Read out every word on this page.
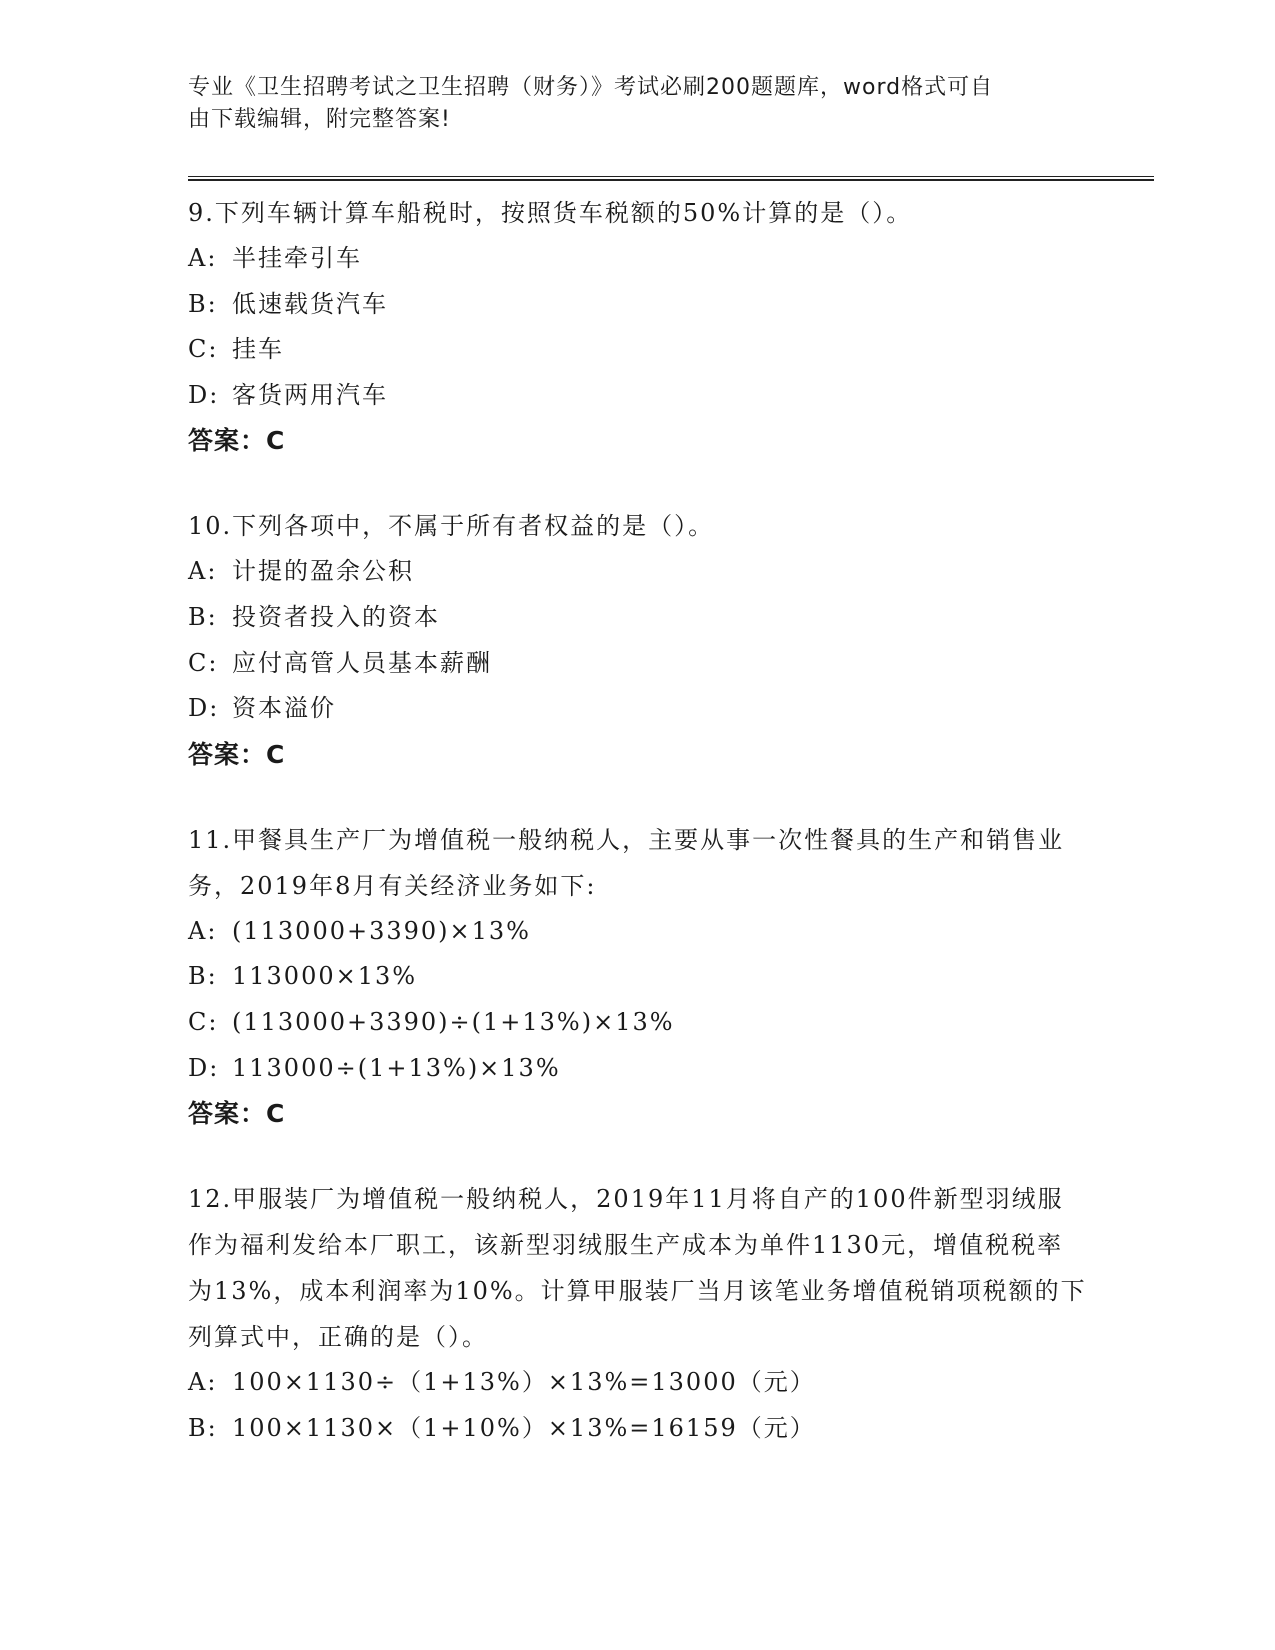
专业《卫生招聘考试之卫生招聘（财务）》考试必刷200题题库，word格式可自
由下载编辑，附完整答案!
9.下列车辆计算车船税时，按照货车税额的50%计算的是（）。
A: 半挂牵引车
B: 低速载货汽车
C: 挂车
D: 客货两用汽车
答案：C
10.下列各项中，不属于所有者权益的是（）。
A: 计提的盈余公积
B: 投资者投入的资本
C: 应付高管人员基本薪酬
D: 资本溢价
答案：C
11.甲餐具生产厂为增值税一般纳税人，主要从事一次性餐具的生产和销售业务，2019年8月有关经济业务如下:
A: (113000+3390)×13%
B: 113000×13%
C: (113000+3390)÷(1+13%)×13%
D: 113000÷(1+13%)×13%
答案：C
12.甲服装厂为增值税一般纳税人，2019年11月将自产的100件新型羽绒服作为福利发给本厂职工，该新型羽绒服生产成本为单件1130元，增值税税率为13%，成本利润率为10%。计算甲服装厂当月该笔业务增值税销项税额的下列算式中，正确的是（）。
A: 100×1130÷（1+13%）×13%=13000（元）
B: 100×1130×（1+10%）×13%=16159（元）
